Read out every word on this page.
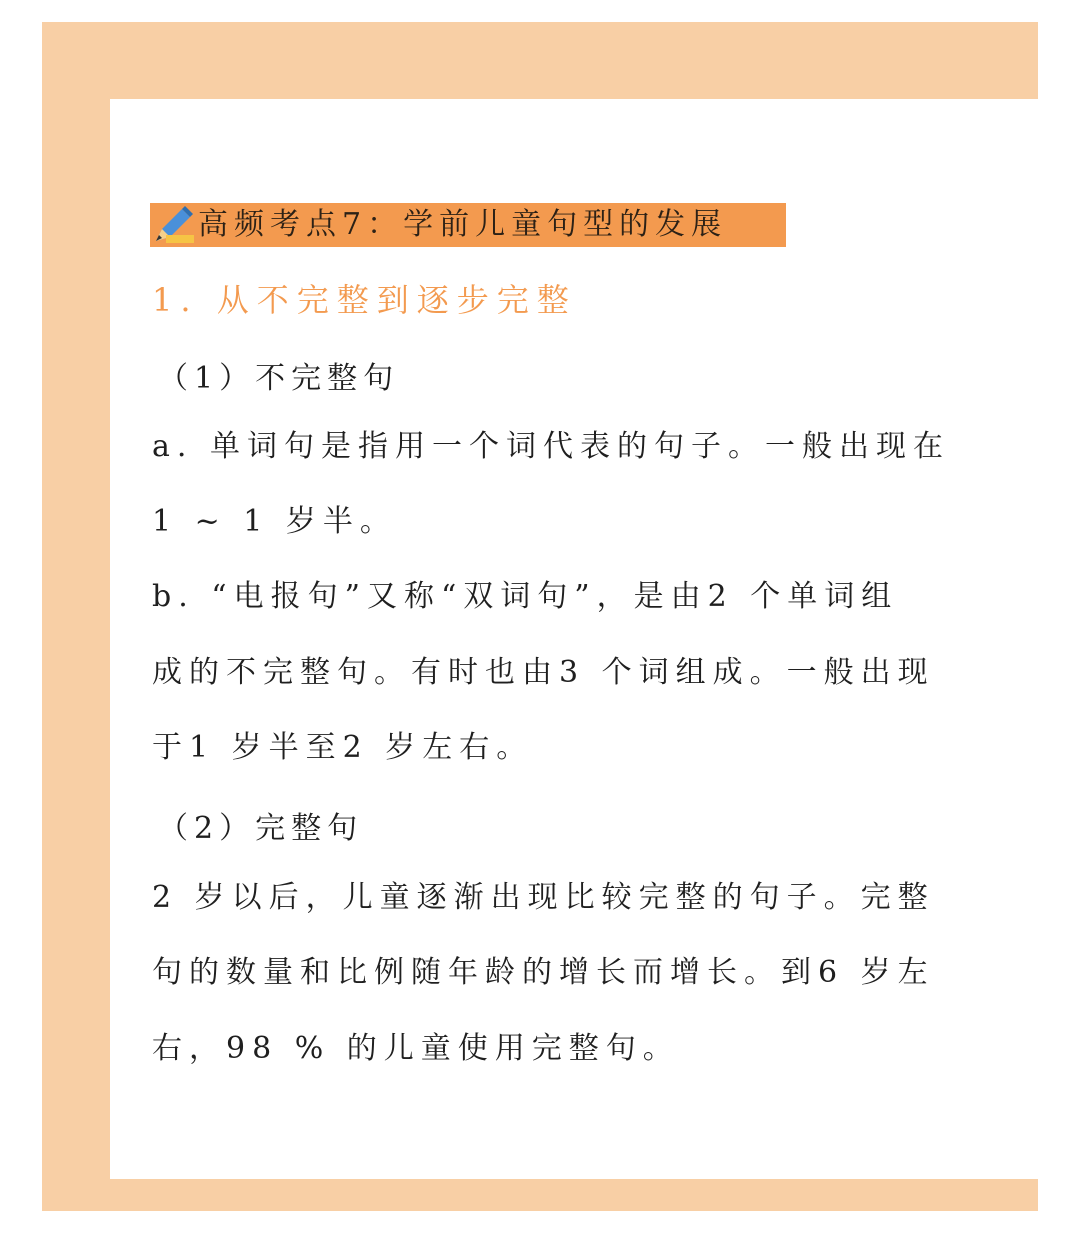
高频考点7：学前儿童句型的发展
1. 从不完整到逐步完整
（1）不完整句
a. 单词句是指用一个词代表的句子。一般出现在
1 ~ 1 岁半。
b. “电报句”又称“双词句”，是由2 个单词组
成的不完整句。有时也由3 个词组成。一般出现
于1 岁半至2 岁左右。
（2）完整句
2 岁以后，儿童逐渐出现比较完整的句子。完整
句的数量和比例随年龄的增长而增长。到6 岁左
右，98 % 的儿童使用完整句。
